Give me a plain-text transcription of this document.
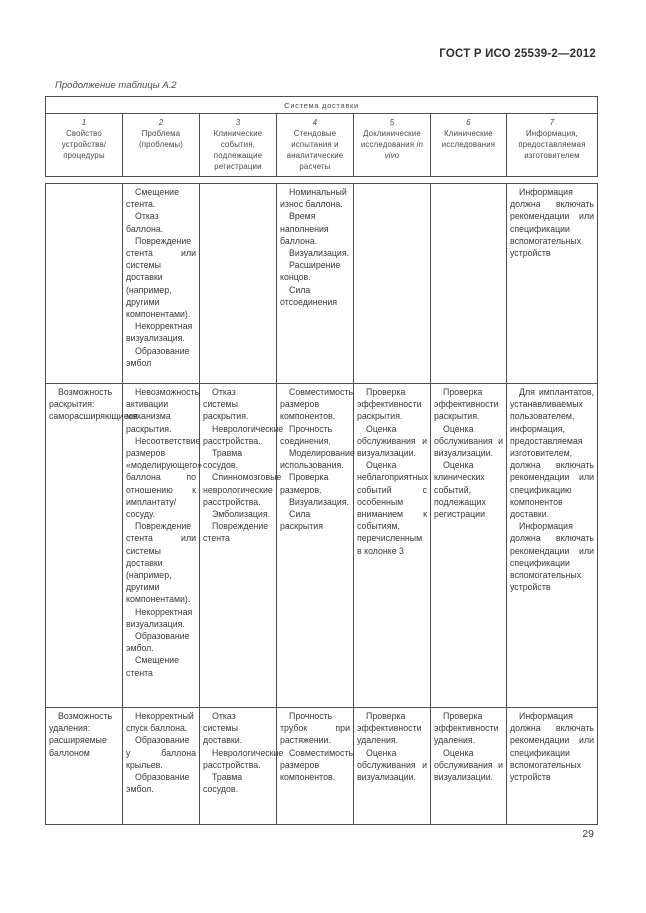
ГОСТ Р ИСО 25539-2—2012
Продолжение таблицы А.2
Система доставки
1
Свойство устройства/ процедуры
2
Проблема (проблемы)
3
Клинические события, подлежащие регистрации
4
Стендовые испытания и аналитические расчеты
5
Доклинические исследования in vivo
6
Клинические исследования
7
Информация, предоставляемая изготовителем

Смещение стента.

Отказ баллона.

Повреждение стента или системы доставки (например, другими компонентами).

Некорректная визуализация.

Образование эмбол

Номинальный износ баллона.

Время наполнения баллона.

Визуализация.

Расширение концов.

Сила отсоединения

Информация должна включать рекомендации или спецификации вспомогательных устройств

Возможность раскрытия: саморасширяющиеся

Невозможность активации механизма раскрытия.

Несоответствие размеров «моделирующего» баллона по отношению к имплантату/ сосуду.

Повреждение стента или системы доставки (например, другими компонентами).

Некорректная визуализация.

Образование эмбол.

Смещение стента

Отказ системы раскрытия.

Неврологические расстройства.

Травма сосудов.

Спинномозговые неврологические расстройства.

Эмболизация.

Повреждение стента

Совместимость размеров компонентов.

Прочность соединения.

Моделирование использования.

Проверка размеров.

Визуализация.

Сила раскрытия

Проверка эффективности раскрытия.

Оценка обслуживания и визуализации.

Оценка неблагоприятных событий с особенным вниманием к событиям, перечисленным в колонке 3

Проверка эффективности раскрытия.

Оценка обслуживания и визуализации.

Оценка клинических событий, подлежащих регистрации

Для имплантатов, устанавливаемых пользователем, информация, предоставляемая изготовителем, должна включать рекомендации или спецификацию компонентов доставки.

Информация должна включать рекомендации или спецификации вспомогательных устройств

Возможность удаления: расширяемые баллоном

Некорректный спуск баллона.

Образование у баллона крыльев.

Образование эмбол.

Отказ системы доставки.

Неврологические расстройства.

Травма сосудов.

Прочность трубок при растяжении.

Совместимость размеров компонентов.

Проверка эффективности удаления.

Оценка обслуживания и визуализации.

Проверка эффективности удаления.

Оценка обслуживания и визуализации.

Информация должна включать рекомендации или спецификации вспомогательных устройств

29
